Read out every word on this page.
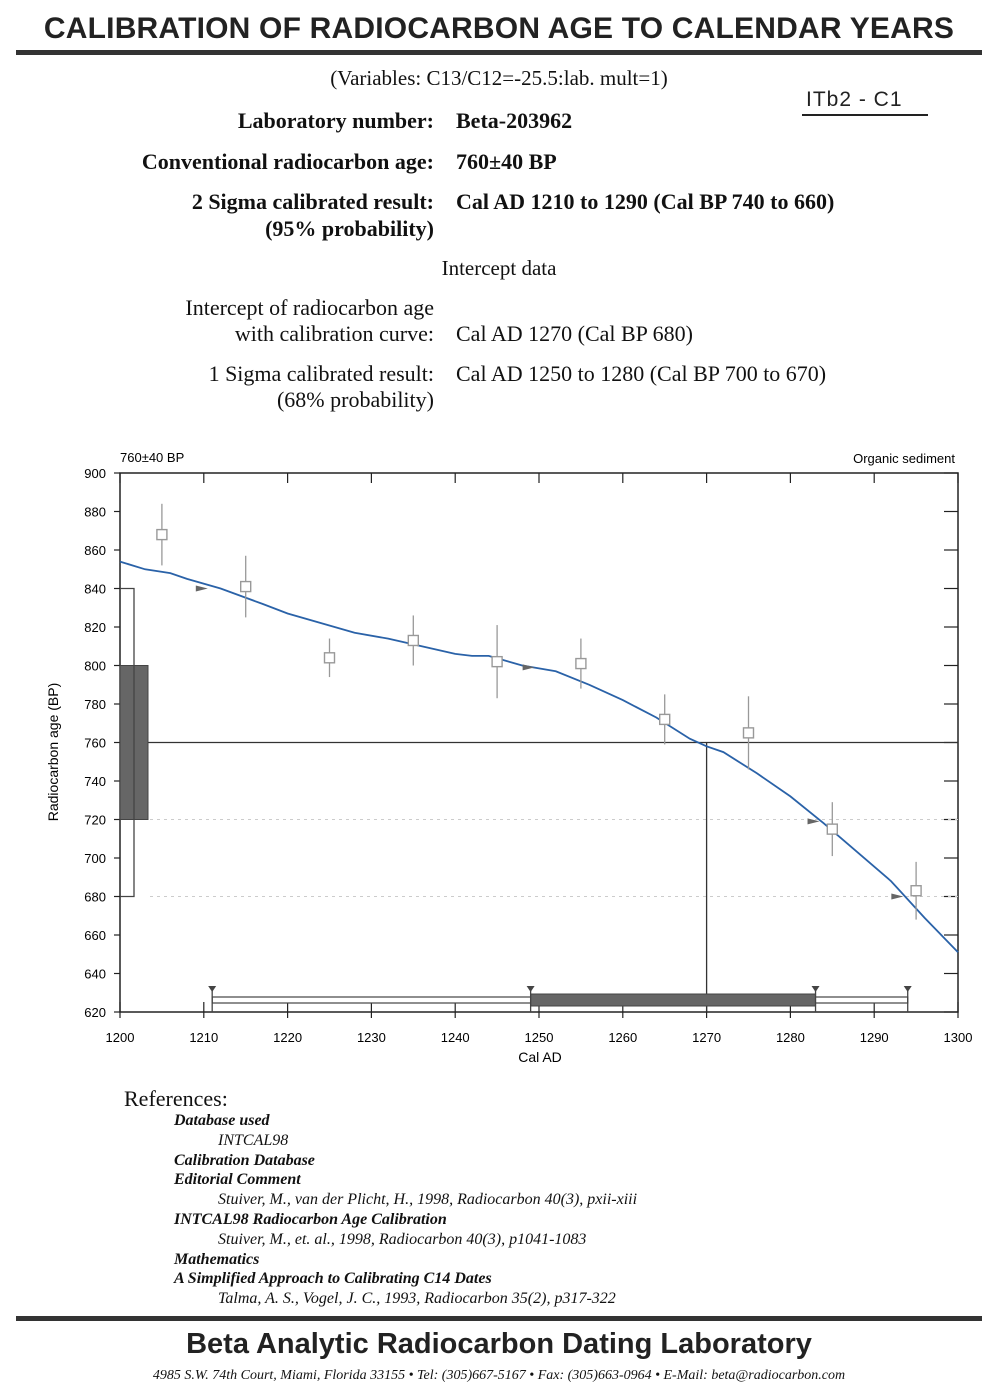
CALIBRATION OF RADIOCARBON AGE TO CALENDAR YEARS
(Variables: C13/C12=-25.5:lab. mult=1)
ITb2 - C1
Laboratory number: Beta-203962
Conventional radiocarbon age: 760±40 BP
2 Sigma calibrated result:
(95% probability)
Cal AD 1210 to 1290 (Cal BP 740 to 660)
Intercept data
Intercept of radiocarbon age
with calibration curve: Cal AD 1270 (Cal BP 680)
1 Sigma calibrated result:
(68% probability)
Cal AD 1250 to 1280 (Cal BP 700 to 670)
760±40 BP	Organic sediment
Radiocarbon age (BP)
Cal AD
620
640
660
680
700
720
740
760
780
800
820
840
860
880
900
1200	1210	1220	1230	1240	1250	1260	1270	1280	1290	1300
References:
Database used
INTCAL98
Calibration Database
Editorial Comment
Stuiver, M., van der Plicht, H., 1998, Radiocarbon 40(3), pxii-xiii
INTCAL98 Radiocarbon Age Calibration
Stuiver, M., et. al., 1998, Radiocarbon 40(3), p1041-1083
Mathematics
A Simplified Approach to Calibrating C14 Dates
Talma, A. S., Vogel, J. C., 1993, Radiocarbon 35(2), p317-322
Beta Analytic Radiocarbon Dating Laboratory
4985 S.W. 74th Court, Miami, Florida 33155 • Tel: (305)667-5167 • Fax: (305)663-0964 • E-Mail: beta@radiocarbon.com
